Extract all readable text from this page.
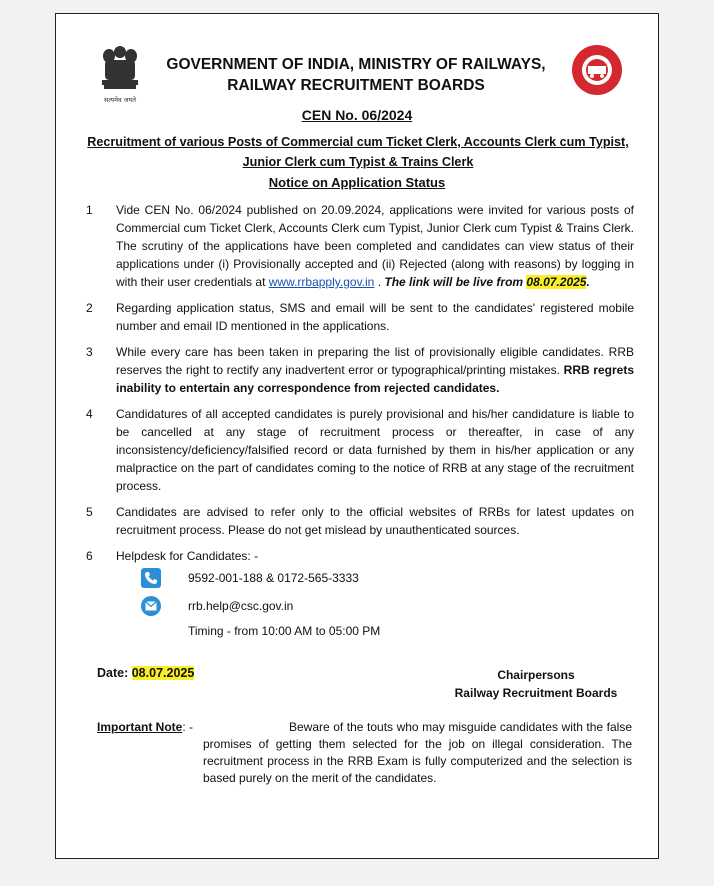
सत्यमेव जयते
GOVERNMENT OF INDIA, MINISTRY OF RAILWAYS,
RAILWAY RECRUITMENT BOARDS
CEN No. 06/2024
Recruitment of various Posts of Commercial cum Ticket Clerk, Accounts Clerk cum Typist, Junior Clerk cum Typist & Trains Clerk
Notice on Application Status
1	Vide CEN No. 06/2024 published on 20.09.2024, applications were invited for various posts of Commercial cum Ticket Clerk, Accounts Clerk cum Typist, Junior Clerk cum Typist & Trains Clerk. The scrutiny of the applications have been completed and candidates can view status of their applications under (i) Provisionally accepted and (ii) Rejected (along with reasons) by logging in with their user credentials at www.rrbapply.gov.in . The link will be live from 08.07.2025.
2	Regarding application status, SMS and email will be sent to the candidates' registered mobile number and email ID mentioned in the applications.
3	While every care has been taken in preparing the list of provisionally eligible candidates. RRB reserves the right to rectify any inadvertent error or typographical/printing mistakes. RRB regrets inability to entertain any correspondence from rejected candidates.
4	Candidatures of all accepted candidates is purely provisional and his/her candidature is liable to be cancelled at any stage of recruitment process or thereafter, in case of any inconsistency/deficiency/falsified record or data furnished by them in his/her application or any malpractice on the part of candidates coming to the notice of RRB at any stage of the recruitment process.
5	Candidates are advised to refer only to the official websites of RRBs for latest updates on recruitment process. Please do not get mislead by unauthenticated sources.
6	Helpdesk for Candidates: -
9592-001-188 & 0172-565-3333
rrb.help@csc.gov.in
Timing - from 10:00 AM to 05:00 PM
Date: 08.07.2025	Chairpersons
Railway Recruitment Boards
Important Note: -	Beware of the touts who may misguide candidates with the false promises of getting them selected for the job on illegal consideration. The recruitment process in the RRB Exam is fully computerized and the selection is based purely on the merit of the candidates.
